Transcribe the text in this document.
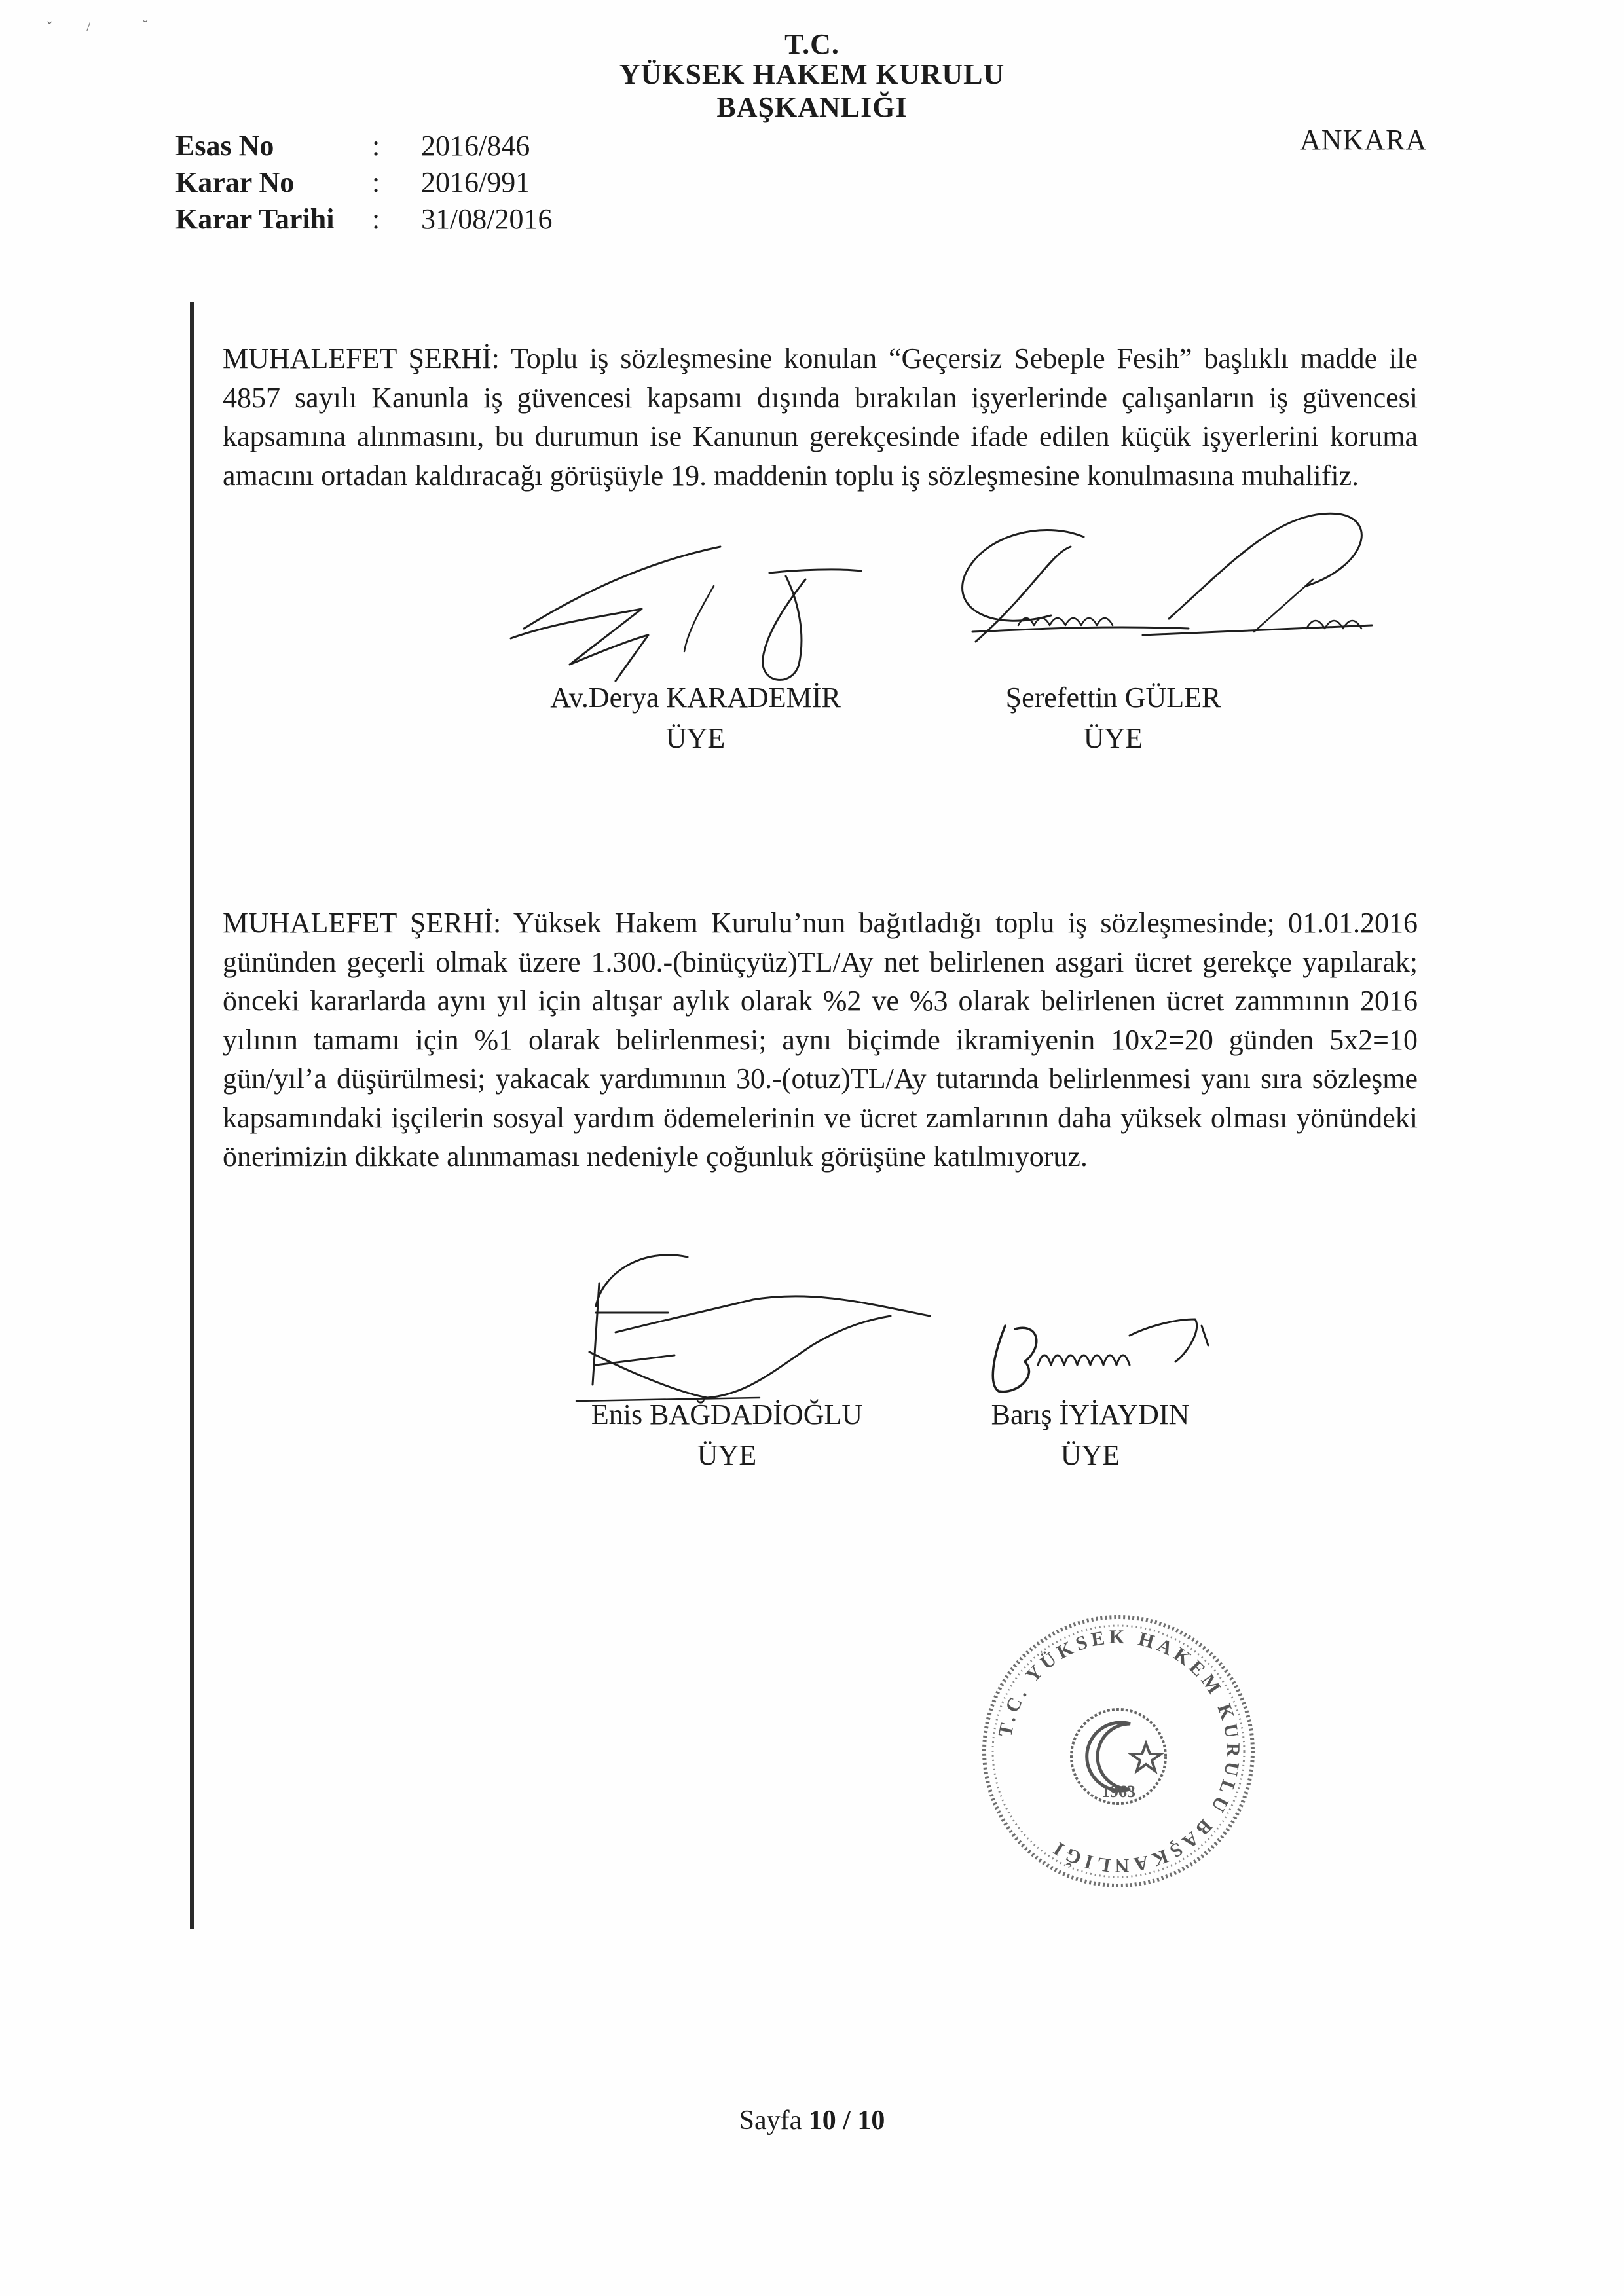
ˇ /	ˇ
T.C.
YÜKSEK HAKEM KURULU
BAŞKANLIĞI
ANKARA
Esas No	:	2016/846
Karar No	:	2016/991
Karar Tarihi	:	31/08/2016
MUHALEFET ŞERHİ: Toplu iş sözleşmesine konulan “Geçersiz Sebeple Fesih” başlıklı madde ile 4857 sayılı Kanunla iş güvencesi kapsamı dışında bırakılan işyerlerinde çalışanların iş güvencesi kapsamına alınmasını, bu durumun ise Kanunun gerekçesinde ifade edilen küçük işyerlerini koruma amacını ortadan kaldıracağı görüşüyle 19. maddenin toplu iş sözleşmesine konulmasına muhalifiz.
Av.Derya KARADEMİR
ÜYE
Şerefettin GÜLER
ÜYE
MUHALEFET ŞERHİ: Yüksek Hakem Kurulu’nun bağıtladığı toplu iş sözleşmesinde; 01.01.2016 gününden geçerli olmak üzere 1.300.-(binüçyüz)TL/Ay net belirlenen asgari ücret gerekçe yapılarak; önceki kararlarda aynı yıl için altışar aylık olarak %2 ve %3 olarak belirlenen ücret zammının 2016 yılının tamamı için %1 olarak belirlenmesi; aynı biçimde ikramiyenin 10x2=20 günden 5x2=10 gün/yıl’a düşürülmesi; yakacak yardımının 30.-(otuz)TL/Ay tutarında belirlenmesi yanı sıra sözleşme kapsamındaki işçilerin sosyal yardım ödemelerinin ve ücret zamlarının daha yüksek olması yönündeki önerimizin dikkate alınmaması nedeniyle çoğunluk görüşüne katılmıyoruz.
Enis BAĞDADİOĞLU
ÜYE
Barış İYİAYDIN
ÜYE
T.C. YÜKSEK HAKEM KURULU BAŞKANLIĞI
1963
Sayfa 10 / 10
